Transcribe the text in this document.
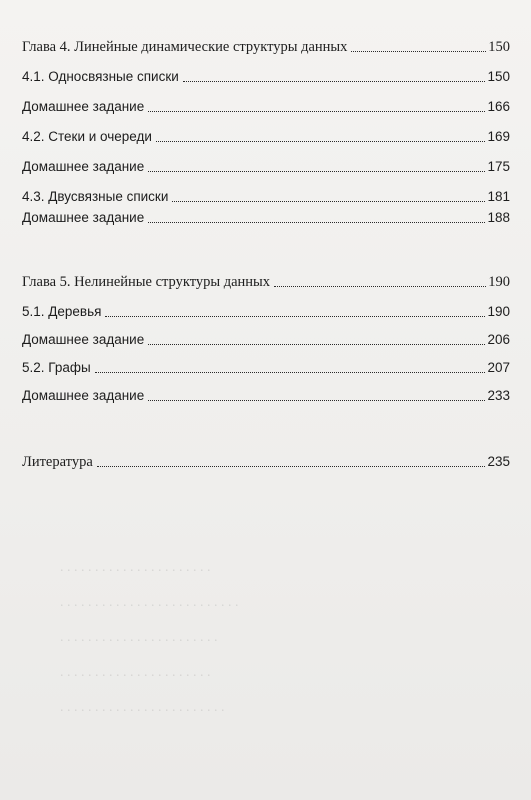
. . . . . . . . . . . . . . . . . . . . . .
. . . . . . . . . . . . . . . . . . . . . . . . . .
. . . . . . . . . . . . . . . . . . . . . . .
. . . . . . . . . . . . . . . . . . . . . .
. . . . . . . . . . . . . . . . . . . . . . . .
Глава 4. Линейные динамические структуры данных	150
4.1. Односвязные списки	150
Домашнее задание	166
4.2. Стеки и очереди	169
Домашнее задание	175
4.3. Двусвязные списки	181
Домашнее задание	188
Глава 5. Нелинейные структуры данных	190
5.1. Деревья	190
Домашнее задание	206
5.2. Графы	207
Домашнее задание	233
Литература	235
